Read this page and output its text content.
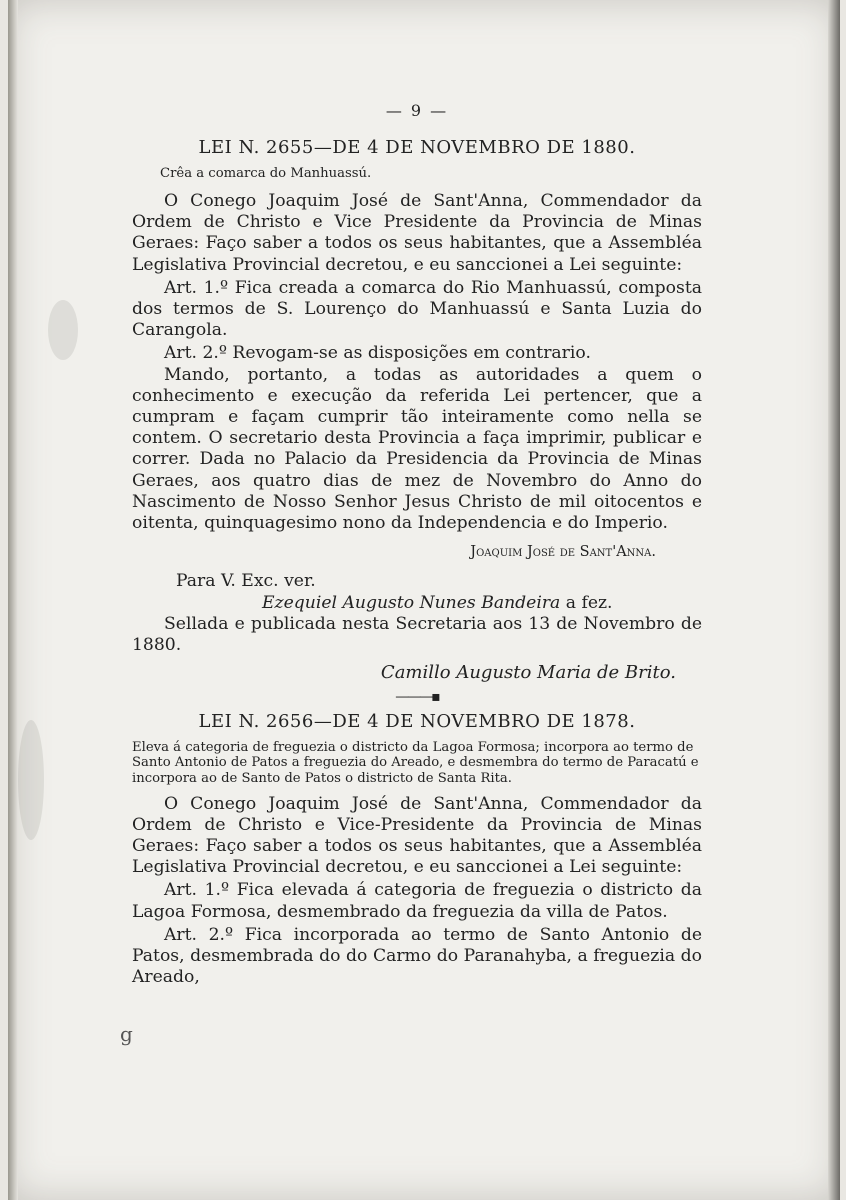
— 9 —
LEI N. 2655—DE 4 DE NOVEMBRO DE 1880.
Crêa a comarca do Manhuassú.

O Conego Joaquim José de Sant'Anna, Commendador da Ordem de Christo e Vice Presidente da Provincia de Minas Geraes: Faço saber a todos os seus habitantes, que a Assembléa Legislativa Provincial decretou, e eu sanccionei a Lei seguinte:

Art. 1.º Fica creada a comarca do Rio Manhuassú, composta dos termos de S. Lourenço do Manhuassú e Santa Luzia do Carangola.

Art. 2.º Revogam-se as disposições em contrario.

Mando, portanto, a todas as autoridades a quem o conhecimento e execução da referida Lei pertencer, que a cumpram e façam cumprir tão inteiramente como nella se contem. O secretario desta Provincia a faça imprimir, publicar e correr. Dada no Palacio da Presidencia da Provincia de Minas Geraes, aos quatro dias de mez de Novembro do Anno do Nascimento de Nosso Senhor Jesus Christo de mil oitocentos e oitenta, quinquagesimo nono da Independencia e do Imperio.

Joaquim José de Sant'Anna.
Para V. Exc. ver.
Ezequiel Augusto Nunes Bandeira a fez.

Sellada e publicada nesta Secretaria aos 13 de Novembro de 1880.

Camillo Augusto Maria de Brito.
———▪
LEI N. 2656—DE 4 DE NOVEMBRO DE 1878.
Eleva á categoria de freguezia o districto da Lagoa Formosa; incorpora ao termo de Santo Antonio de Patos a freguezia do Areado, e desmembra do termo de Paracatú e incorpora ao de Santo de Patos o districto de Santa Rita.

O Conego Joaquim José de Sant'Anna, Commendador da Ordem de Christo e Vice-Presidente da Provincia de Minas Geraes: Faço saber a todos os seus habitantes, que a Assembléa Legislativa Provincial decretou, e eu sanccionei a Lei seguinte:

Art. 1.º Fica elevada á categoria de freguezia o districto da Lagoa Formosa, desmembrado da freguezia da villa de Patos.

Art. 2.º Fica incorporada ao termo de Santo Antonio de Patos, desmembrada do do Carmo do Paranahyba, a freguezia do Areado,

g
